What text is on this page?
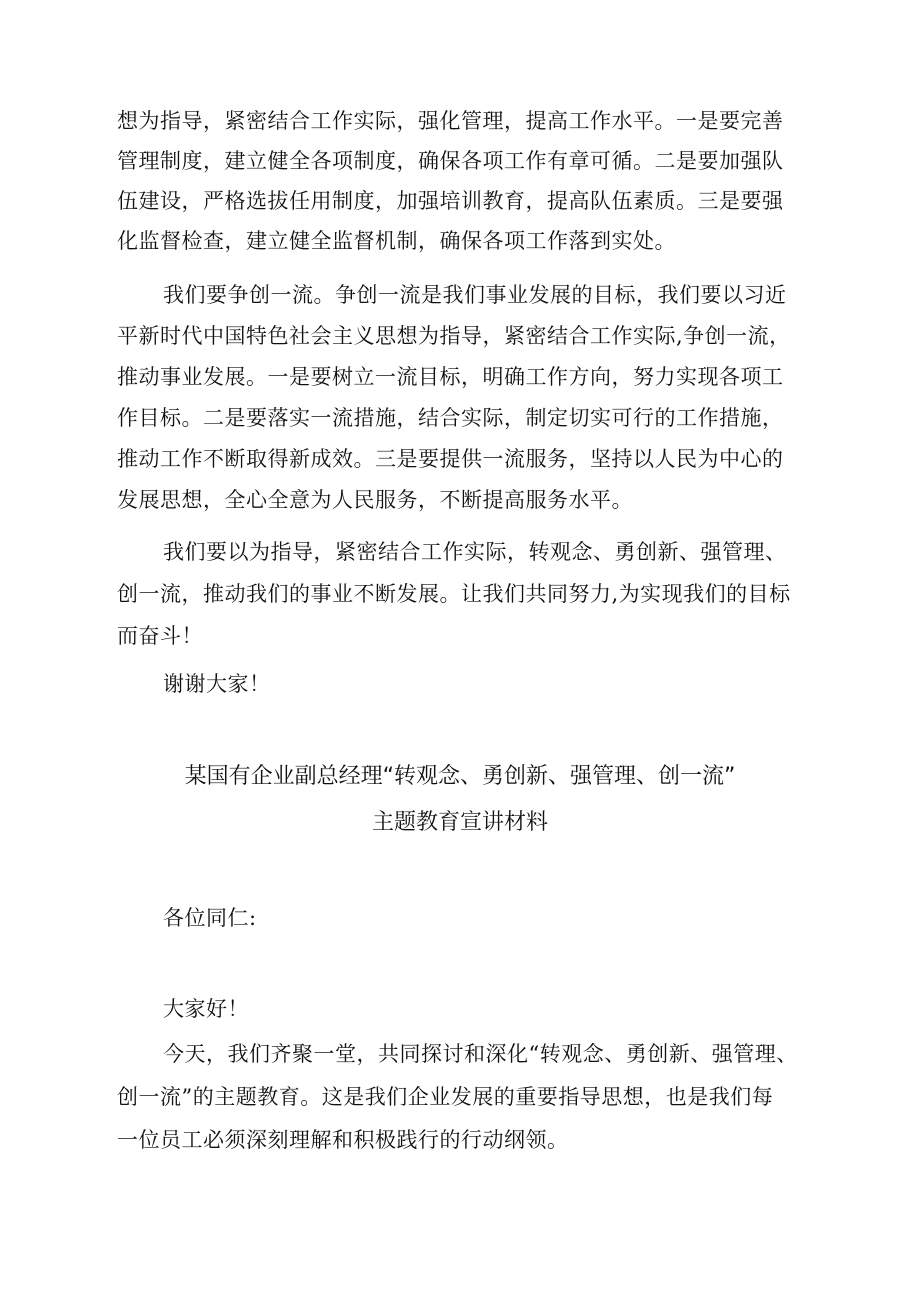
想为指导，紧密结合工作实际，强化管理，提高工作水平。一是要完善
管理制度，建立健全各项制度，确保各项工作有章可循。二是要加强队
伍建设，严格选拔任用制度，加强培训教育，提高队伍素质。三是要强
化监督检查，建立健全监督机制，确保各项工作落到实处。
我们要争创一流。争创一流是我们事业发展的目标，我们要以习近
平新时代中国特色社会主义思想为指导，紧密结合工作实际,争创一流，
推动事业发展。一是要树立一流目标，明确工作方向，努力实现各项工
作目标。二是要落实一流措施，结合实际，制定切实可行的工作措施，
推动工作不断取得新成效。三是要提供一流服务，坚持以人民为中心的
发展思想，全心全意为人民服务，不断提高服务水平。
我们要以为指导，紧密结合工作实际，转观念、勇创新、强管理、
创一流，推动我们的事业不断发展。让我们共同努力,为实现我们的目标
而奋斗！
谢谢大家！
某国有企业副总经理“转观念、勇创新、强管理、创一流”
主题教育宣讲材料
各位同仁:
大家好！
今天，我们齐聚一堂，共同探讨和深化“转观念、勇创新、强管理、
创一流”的主题教育。这是我们企业发展的重要指导思想，也是我们每
一位员工必须深刻理解和积极践行的行动纲领。
